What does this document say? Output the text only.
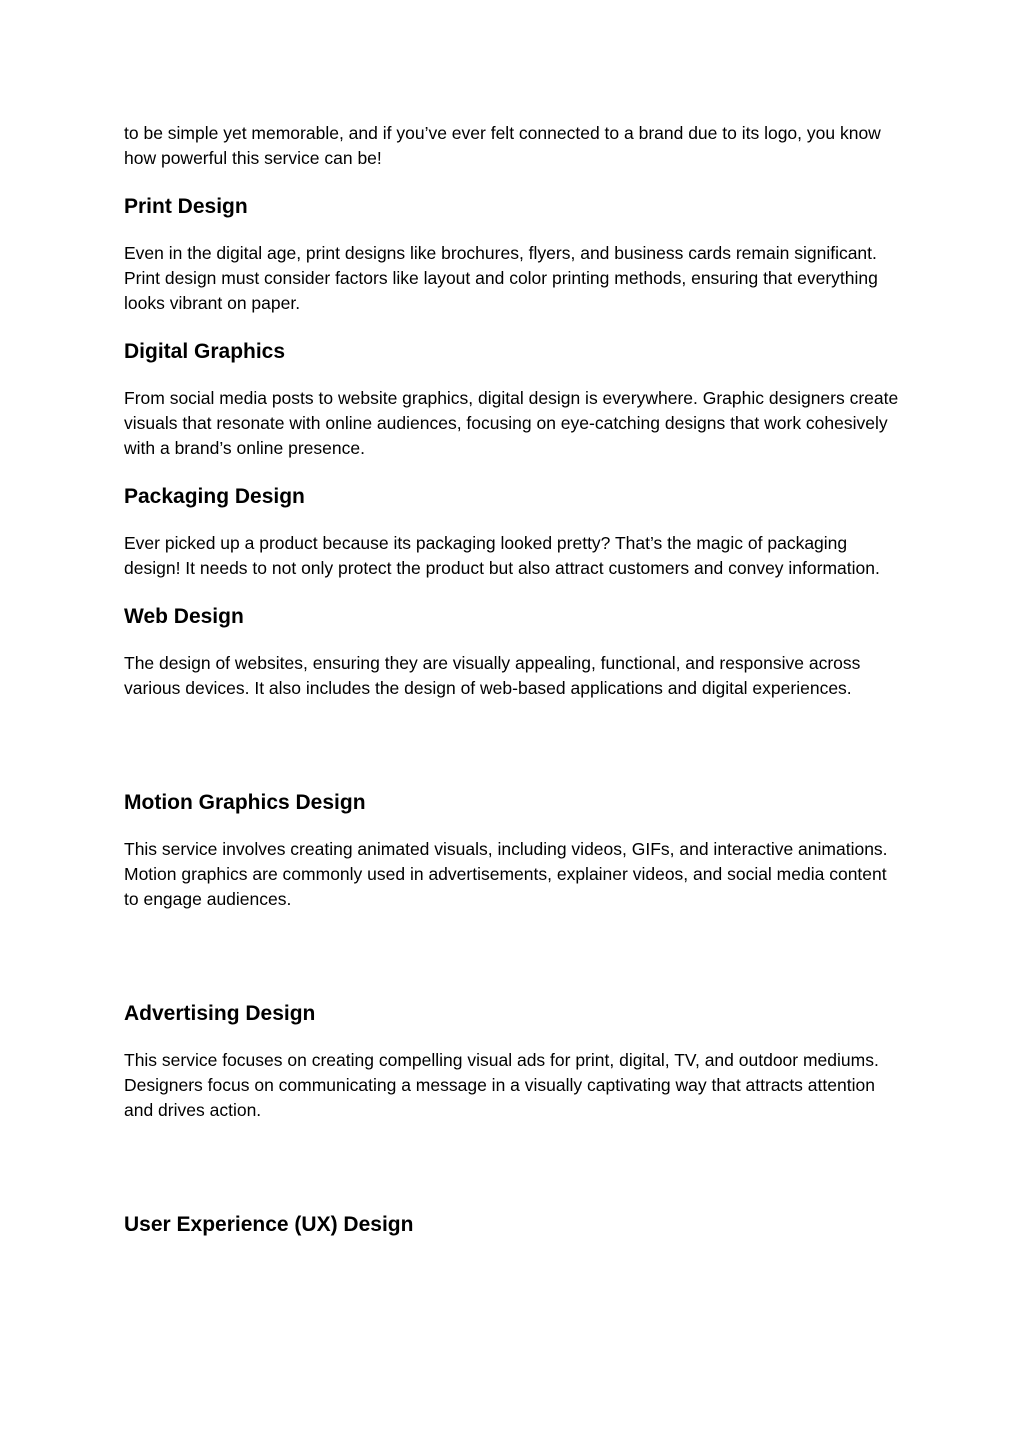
to be simple yet memorable, and if you’ve ever felt connected to a brand due to its logo, you know how powerful this service can be!

Print Design

Even in the digital age, print designs like brochures, flyers, and business cards remain significant. Print design must consider factors like layout and color printing methods, ensuring that everything looks vibrant on paper.

Digital Graphics

From social media posts to website graphics, digital design is everywhere. Graphic designers create visuals that resonate with online audiences, focusing on eye-catching designs that work cohesively with a brand’s online presence.

Packaging Design

Ever picked up a product because its packaging looked pretty? That’s the magic of packaging design! It needs to not only protect the product but also attract customers and convey information.

Web Design

The design of websites, ensuring they are visually appealing, functional, and responsive across various devices. It also includes the design of web-based applications and digital experiences.

Motion Graphics Design

This service involves creating animated visuals, including videos, GIFs, and interactive animations. Motion graphics are commonly used in advertisements, explainer videos, and social media content to engage audiences.

Advertising Design

This service focuses on creating compelling visual ads for print, digital, TV, and outdoor mediums. Designers focus on communicating a message in a visually captivating way that attracts attention and drives action.

User Experience (UX) Design
